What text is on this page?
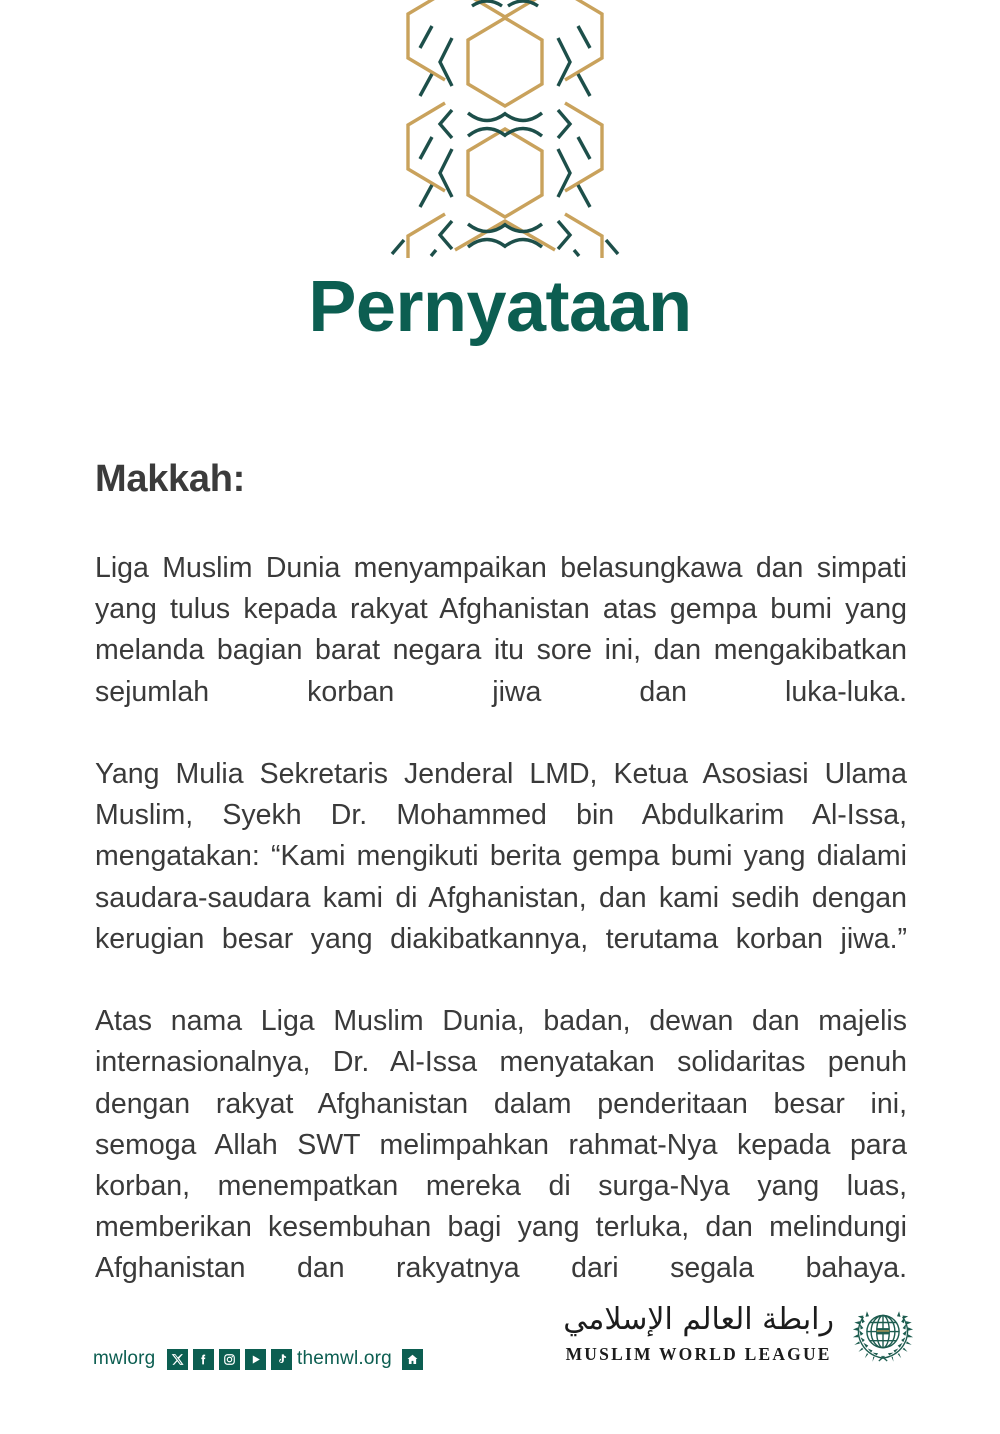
Pernyataan
Makkah:

Liga Muslim Dunia menyampaikan belasungkawa dan simpati yang tulus kepada rakyat Afghanistan atas gempa bumi yang melanda bagian barat negara itu sore ini, dan mengakibatkan sejumlah korban jiwa dan luka-luka.

Yang Mulia Sekretaris Jenderal LMD, Ketua Asosiasi Ulama Muslim, Syekh Dr. Mohammed bin Abdulkarim Al-Issa, mengatakan: “Kami mengikuti berita gempa bumi yang dialami saudara-saudara kami di Afghanistan, dan kami sedih dengan kerugian besar yang diakibatkannya, terutama korban jiwa.”

Atas nama Liga Muslim Dunia, badan, dewan dan majelis internasionalnya, Dr. Al-Issa menyatakan solidaritas penuh dengan rakyat Afghanistan dalam penderitaan besar ini, semoga Allah SWT melimpahkan rahmat-Nya kepada para korban, menempatkan mereka di surga-Nya yang luas, memberikan kesembuhan bagi yang terluka, dan melindungi Afghanistan dan rakyatnya dari segala bahaya.

mwlorg	themwl.org
رابطة العالم الإسلامي
MUSLIM WORLD LEAGUE
